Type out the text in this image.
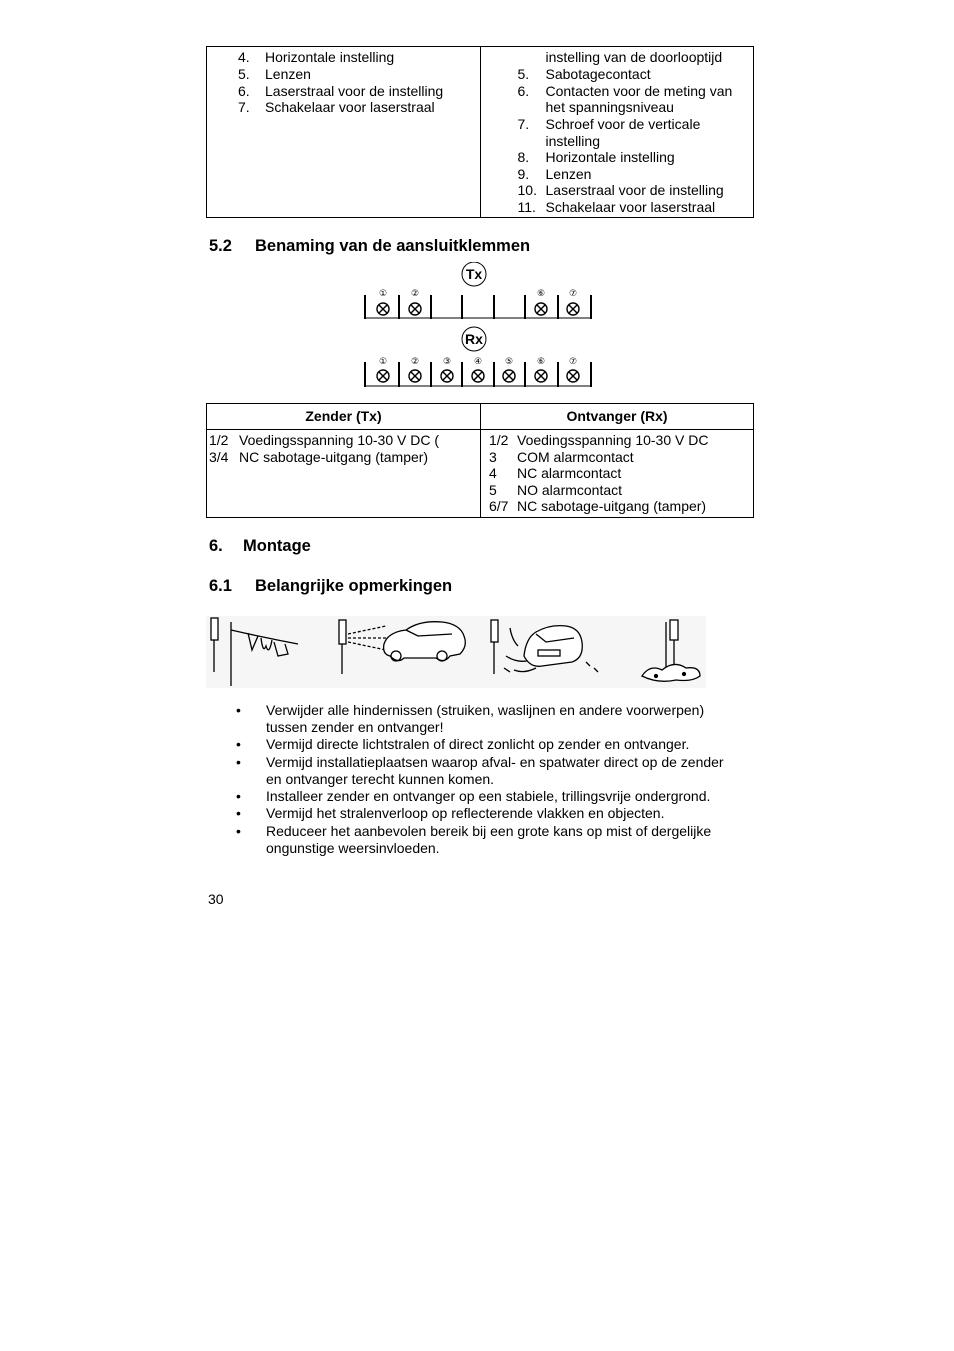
4.	Horizontale instelling
5.	Lenzen
6.	Laserstraal voor de instelling
7.	Schakelaar voor laserstraal
instelling van de doorlooptijd
5.	Sabotagecontact
6.	Contacten voor de meting van
het spanningsniveau
7.	Schroef voor de verticale
instelling
8.	Horizontale instelling
9.	Lenzen
10. Laserstraal voor de instelling
11. Schakelaar voor laserstraal
5.2 Benaming van de aansluitklemmen
Tx
①	②	⑥	⑦
Rx
①	②	③	④	⑤	⑥	⑦
Zender (Tx)	Ontvanger (Rx)
1/2 Voedingsspanning 10-30 V DC (
3/4 NC sabotage-uitgang (tamper)
1/2 Voedingsspanning 10-30 V DC
3 COM alarmcontact
4 NC alarmcontact
5 NO alarmcontact
6/7 NC sabotage-uitgang (tamper)
6. Montage
6.1 Belangrijke opmerkingen
• Verwijder alle hindernissen (struiken, waslijnen en andere voorwerpen)
tussen zender en ontvanger!
• Vermijd directe lichtstralen of direct zonlicht op zender en ontvanger.
• Vermijd installatieplaatsen waarop afval- en spatwater direct op de zender
en ontvanger terecht kunnen komen.
• Installeer zender en ontvanger op een stabiele, trillingsvrije ondergrond.
• Vermijd het stralenverloop op reflecterende vlakken en objecten.
• Reduceer het aanbevolen bereik bij een grote kans op mist of dergelijke
ongunstige weersinvloeden.
30
